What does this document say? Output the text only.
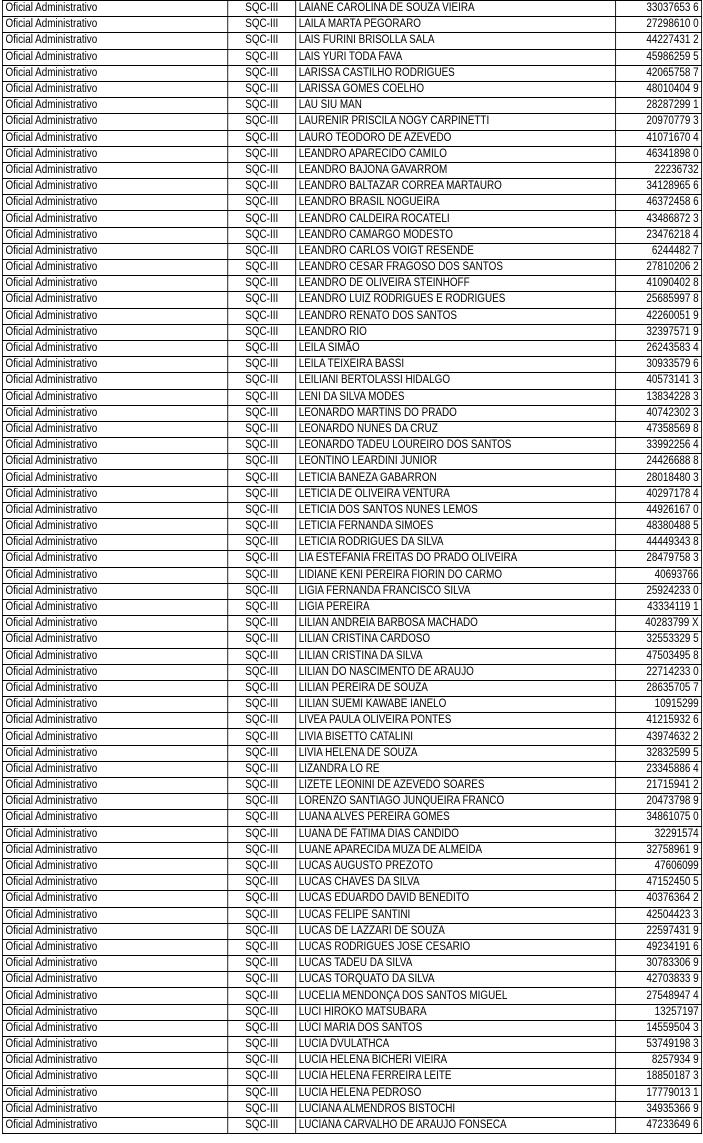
Oficial Administrativo	SQC-III	LAIANE CAROLINA DE SOUZA VIEIRA	33037653 6
Oficial Administrativo	SQC-III	LAILA MARTA PEGORARO	27298610 0
Oficial Administrativo	SQC-III	LAIS FURINI BRISOLLA SALA	44227431 2
Oficial Administrativo	SQC-III	LAIS YURI TODA FAVA	45986259 5
Oficial Administrativo	SQC-III	LARISSA CASTILHO RODRIGUES	42065758 7
Oficial Administrativo	SQC-III	LARISSA GOMES COELHO	48010404 9
Oficial Administrativo	SQC-III	LAU SIU MAN	28287299 1
Oficial Administrativo	SQC-III	LAURENIR PRISCILA NOGY CARPINETTI	20970779 3
Oficial Administrativo	SQC-III	LAURO TEODORO DE AZEVEDO	41071670 4
Oficial Administrativo	SQC-III	LEANDRO APARECIDO CAMILO	46341898 0
Oficial Administrativo	SQC-III	LEANDRO BAJONA GAVARROM	22236732
Oficial Administrativo	SQC-III	LEANDRO BALTAZAR CORREA MARTAURO	34128965 6
Oficial Administrativo	SQC-III	LEANDRO BRASIL NOGUEIRA	46372458 6
Oficial Administrativo	SQC-III	LEANDRO CALDEIRA ROCATELI	43486872 3
Oficial Administrativo	SQC-III	LEANDRO CAMARGO MODESTO	23476218 4
Oficial Administrativo	SQC-III	LEANDRO CARLOS VOIGT RESENDE	6244482 7
Oficial Administrativo	SQC-III	LEANDRO CESAR FRAGOSO DOS SANTOS	27810206 2
Oficial Administrativo	SQC-III	LEANDRO DE OLIVEIRA STEINHOFF	41090402 8
Oficial Administrativo	SQC-III	LEANDRO LUIZ RODRIGUES E RODRIGUES	25685997 8
Oficial Administrativo	SQC-III	LEANDRO RENATO DOS SANTOS	42260051 9
Oficial Administrativo	SQC-III	LEANDRO RIO	32397571 9
Oficial Administrativo	SQC-III	LEILA SIMÃO	26243583 4
Oficial Administrativo	SQC-III	LEILA TEIXEIRA BASSI	30933579 6
Oficial Administrativo	SQC-III	LEILIANI BERTOLASSI HIDALGO	40573141 3
Oficial Administrativo	SQC-III	LENI DA SILVA MODES	13834228 3
Oficial Administrativo	SQC-III	LEONARDO MARTINS DO PRADO	40742302 3
Oficial Administrativo	SQC-III	LEONARDO NUNES DA CRUZ	47358569 8
Oficial Administrativo	SQC-III	LEONARDO TADEU LOUREIRO DOS SANTOS	33992256 4
Oficial Administrativo	SQC-III	LEONTINO LEARDINI JUNIOR	24426688 8
Oficial Administrativo	SQC-III	LETICIA BANEZA GABARRON	28018480 3
Oficial Administrativo	SQC-III	LETICIA DE OLIVEIRA VENTURA	40297178 4
Oficial Administrativo	SQC-III	LETICIA DOS SANTOS NUNES LEMOS	44926167 0
Oficial Administrativo	SQC-III	LETICIA FERNANDA SIMOES	48380488 5
Oficial Administrativo	SQC-III	LETICIA RODRIGUES DA SILVA	44449343 8
Oficial Administrativo	SQC-III	LIA ESTEFANIA FREITAS DO PRADO OLIVEIRA	28479758 3
Oficial Administrativo	SQC-III	LIDIANE KENI PEREIRA FIORIN DO CARMO	40693766
Oficial Administrativo	SQC-III	LIGIA FERNANDA FRANCISCO SILVA	25924233 0
Oficial Administrativo	SQC-III	LIGIA PEREIRA	43334119 1
Oficial Administrativo	SQC-III	LILIAN ANDREIA BARBOSA MACHADO	40283799 X
Oficial Administrativo	SQC-III	LILIAN CRISTINA CARDOSO	32553329 5
Oficial Administrativo	SQC-III	LILIAN CRISTINA DA SILVA	47503495 8
Oficial Administrativo	SQC-III	LILIAN DO NASCIMENTO DE ARAUJO	22714233 0
Oficial Administrativo	SQC-III	LILIAN PEREIRA DE SOUZA	28635705 7
Oficial Administrativo	SQC-III	LILIAN SUEMI KAWABE IANELO	10915299
Oficial Administrativo	SQC-III	LIVEA PAULA OLIVEIRA PONTES	41215932 6
Oficial Administrativo	SQC-III	LIVIA BISETTO CATALINI	43974632 2
Oficial Administrativo	SQC-III	LIVIA HELENA DE SOUZA	32832599 5
Oficial Administrativo	SQC-III	LIZANDRA LO RE	23345886 4
Oficial Administrativo	SQC-III	LIZETE LEONINI DE AZEVEDO SOARES	21715941 2
Oficial Administrativo	SQC-III	LORENZO SANTIAGO JUNQUEIRA FRANCO	20473798 9
Oficial Administrativo	SQC-III	LUANA ALVES PEREIRA GOMES	34861075 0
Oficial Administrativo	SQC-III	LUANA DE FATIMA DIAS CANDIDO	32291574
Oficial Administrativo	SQC-III	LUANE APARECIDA MUZA DE ALMEIDA	32758961 9
Oficial Administrativo	SQC-III	LUCAS AUGUSTO PREZOTO	47606099
Oficial Administrativo	SQC-III	LUCAS CHAVES DA SILVA	47152450 5
Oficial Administrativo	SQC-III	LUCAS EDUARDO DAVID BENEDITO	40376364 2
Oficial Administrativo	SQC-III	LUCAS FELIPE SANTINI	42504423 3
Oficial Administrativo	SQC-III	LUCAS DE LAZZARI DE SOUZA	22597431 9
Oficial Administrativo	SQC-III	LUCAS RODRIGUES JOSE CESARIO	49234191 6
Oficial Administrativo	SQC-III	LUCAS TADEU DA SILVA	30783306 9
Oficial Administrativo	SQC-III	LUCAS TORQUATO DA SILVA	42703833 9
Oficial Administrativo	SQC-III	LUCELIA MENDONÇA DOS SANTOS MIGUEL	27548947 4
Oficial Administrativo	SQC-III	LUCI HIROKO MATSUBARA	13257197
Oficial Administrativo	SQC-III	LÚCI MARIA DOS SANTOS	14559504 3
Oficial Administrativo	SQC-III	LUCIA DVULATHCA	53749198 3
Oficial Administrativo	SQC-III	LUCIA HELENA BICHERI VIEIRA	8257934 9
Oficial Administrativo	SQC-III	LUCIA HELENA FERREIRA LEITE	18850187 3
Oficial Administrativo	SQC-III	LUCIA HELENA PEDROSO	17779013 1
Oficial Administrativo	SQC-III	LUCIANA ALMENDROS BISTOCHI	34935366 9
Oficial Administrativo	SQC-III	LUCIANA CARVALHO DE ARAUJO FONSECA	47233649 6
